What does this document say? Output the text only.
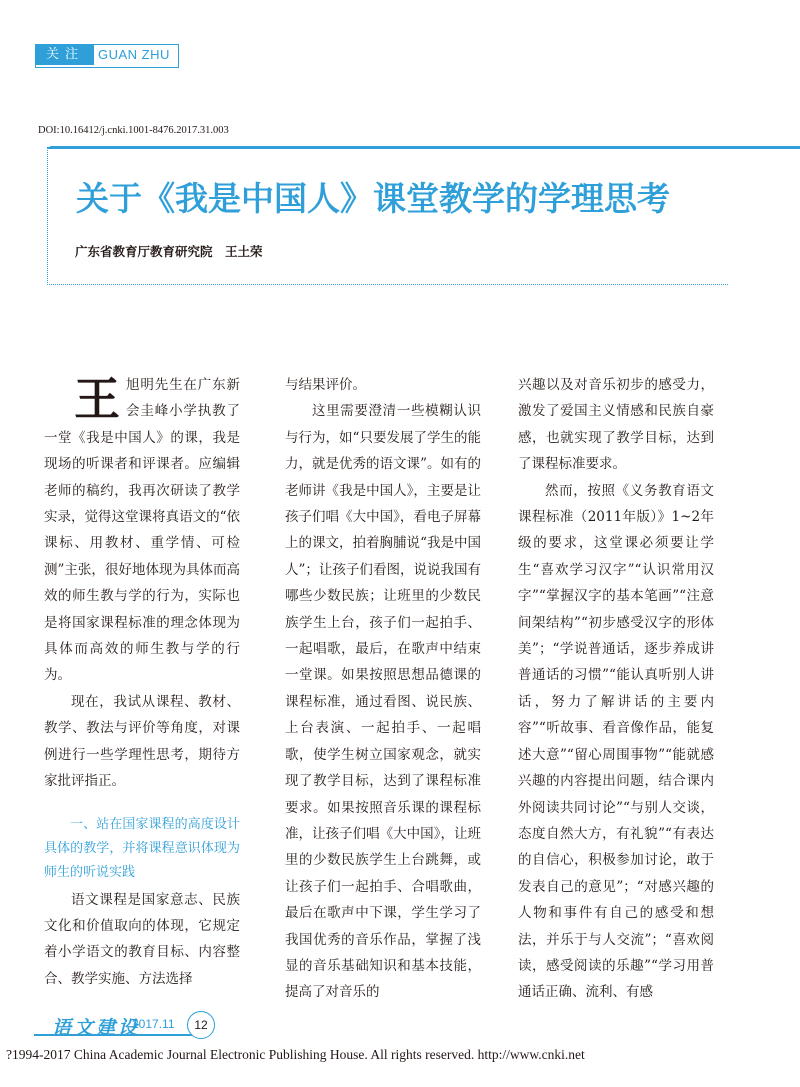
关注	GUAN ZHU
DOI:10.16412/j.cnki.1001-8476.2017.31.003
关于《我是中国人》课堂教学的学理思考
广东省教育厅教育研究院　王土荣

王旭明先生在广东新会圭峰小学执教了一堂《我是中国人》的课，我是现场的听课者和评课者。应编辑老师的稿约，我再次研读了教学实录，觉得这堂课将真语文的“依课标、用教材、重学情、可检测”主张，很好地体现为具体而高效的师生教与学的行为，实际也是将国家课程标准的理念体现为具体而高效的师生教与学的行为。

现在，我试从课程、教材、教学、教法与评价等角度，对课例进行一些学理性思考，期待方家批评指正。

一、站在国家课程的高度设计具体的教学，并将课程意识体现为师生的听说实践

语文课程是国家意志、民族文化和价值取向的体现，它规定着小学语文的教育目标、内容整合、教学实施、方法选择

与结果评价。

这里需要澄清一些模糊认识与行为，如“只要发展了学生的能力，就是优秀的语文课”。如有的老师讲《我是中国人》，主要是让孩子们唱《大中国》，看电子屏幕上的课文，拍着胸脯说“我是中国人”；让孩子们看图，说说我国有哪些少数民族；让班里的少数民族学生上台，孩子们一起拍手、一起唱歌，最后，在歌声中结束一堂课。如果按照思想品德课的课程标准，通过看图、说民族、上台表演、一起拍手、一起唱歌，使学生树立国家观念，就实现了教学目标，达到了课程标准要求。如果按照音乐课的课程标准，让孩子们唱《大中国》，让班里的少数民族学生上台跳舞，或让孩子们一起拍手、合唱歌曲，最后在歌声中下课，学生学习了我国优秀的音乐作品，掌握了浅显的音乐基础知识和基本技能，提高了对音乐的

兴趣以及对音乐初步的感受力，激发了爱国主义情感和民族自豪感，也就实现了教学目标，达到了课程标准要求。

然而，按照《义务教育语文课程标准（2011年版）》1~2年级的要求，这堂课必须要让学生“喜欢学习汉字”“认识常用汉字”“掌握汉字的基本笔画”“注意间架结构”“初步感受汉字的形体美”；“学说普通话，逐步养成讲普通话的习惯”“能认真听别人讲话，努力了解讲话的主要内容”“听故事、看音像作品，能复述大意”“留心周围事物”“能就感兴趣的内容提出问题，结合课内外阅读共同讨论”“与别人交谈，态度自然大方，有礼貌”“有表达的自信心，积极参加讨论，敢于发表自己的意见”；“对感兴趣的人物和事件有自己的感受和想法，并乐于与人交流”；“喜欢阅读，感受阅读的乐趣”“学习用普通话正确、流利、有感

语文建设
2017.11	12
?1994-2017 China Academic Journal Electronic Publishing House. All rights reserved. http://www.cnki.net
